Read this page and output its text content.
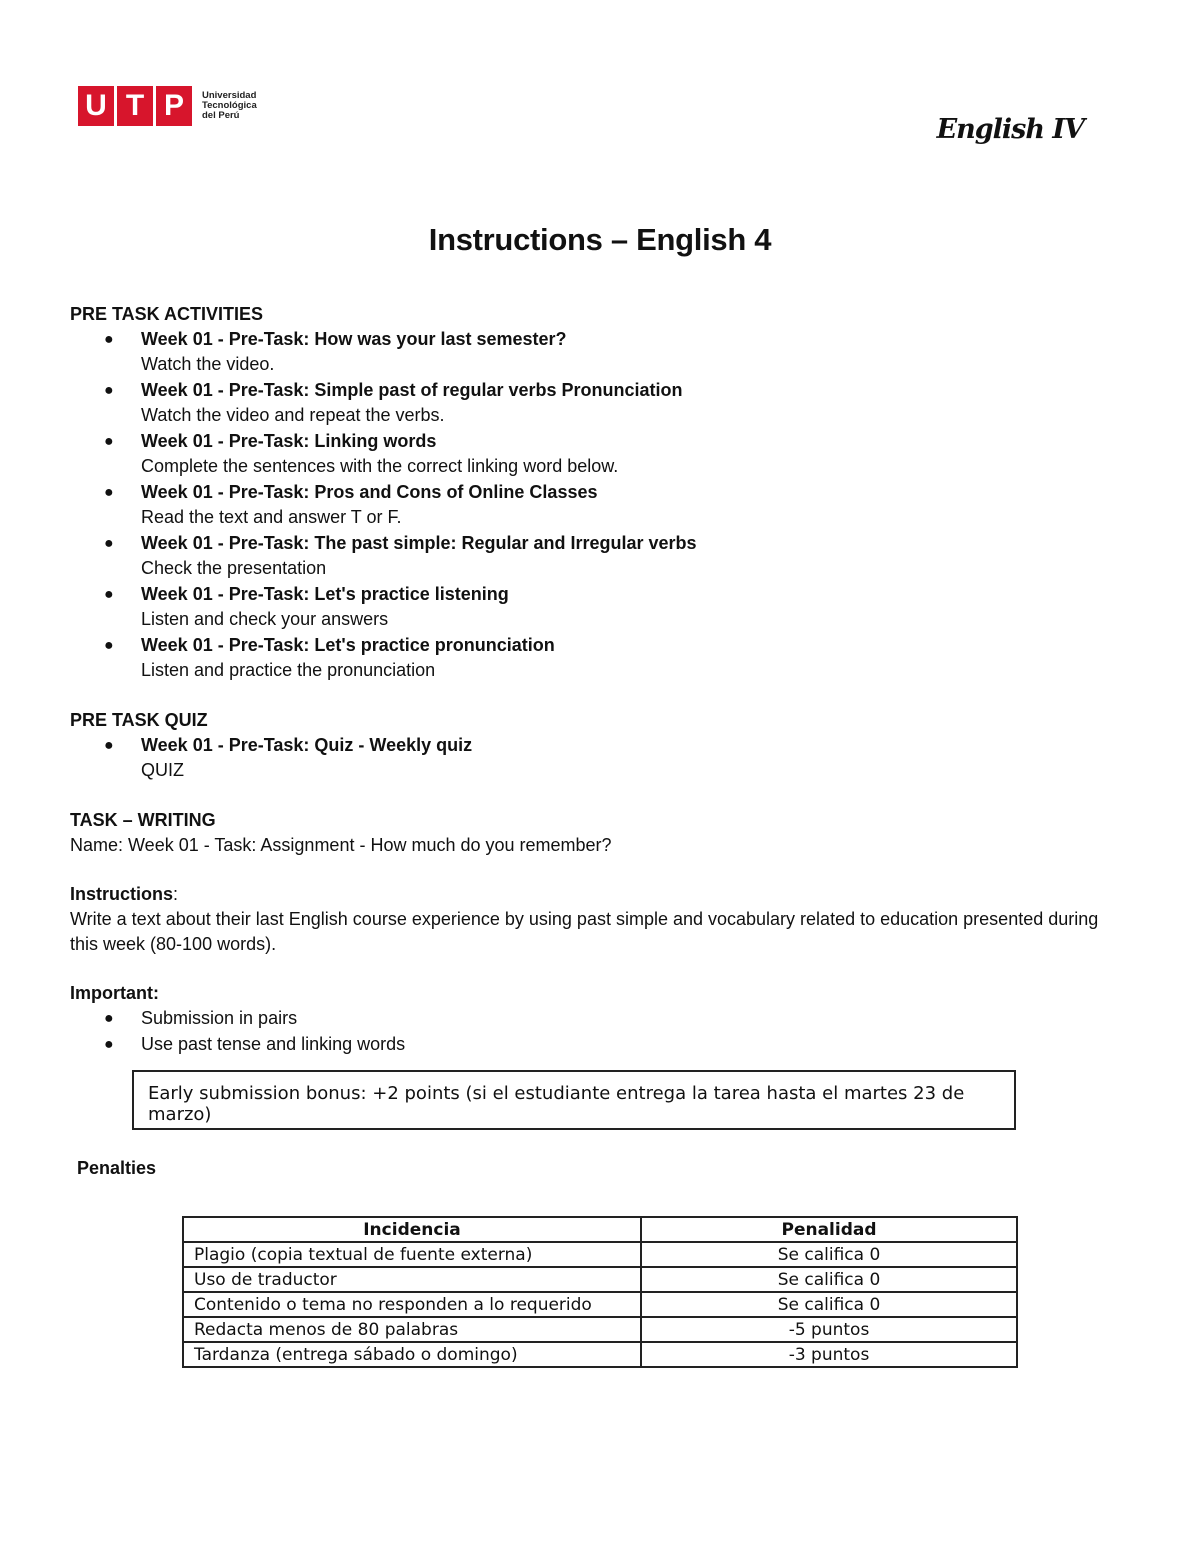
U T P	Universidad
Tecnológica
del Perú	English IV
Instructions – English 4

PRE TASK ACTIVITIES

● Week 01 - Pre-Task: How was your last semester?
Watch the video.
● Week 01 - Pre-Task: Simple past of regular verbs Pronunciation
Watch the video and repeat the verbs.
● Week 01 - Pre-Task: Linking words
Complete the sentences with the correct linking word below.
● Week 01 - Pre-Task: Pros and Cons of Online Classes
Read the text and answer T or F.
● Week 01 - Pre-Task: The past simple: Regular and Irregular verbs
Check the presentation
● Week 01 - Pre-Task: Let's practice listening
Listen and check your answers
● Week 01 - Pre-Task: Let's practice pronunciation
Listen and practice the pronunciation

PRE TASK QUIZ

● Week 01 - Pre-Task: Quiz - Weekly quiz
QUIZ

TASK – WRITING

Name: Week 01 - Task: Assignment - How much do you remember?

Instructions:

Write a text about their last English course experience by using past simple and vocabulary related to education presented during this week (80-100 words).

Important:

● Submission in pairs
● Use past tense and linking words
Early submission bonus: +2 points (si el estudiante entrega la tarea hasta el martes 23 de marzo)
Penalties
Incidencia	Penalidad
Plagio (copia textual de fuente externa)	Se califica 0
Uso de traductor	Se califica 0
Contenido o tema no responden a lo requerido	Se califica 0
Redacta menos de 80 palabras	-5 puntos
Tardanza (entrega sábado o domingo)	-3 puntos
